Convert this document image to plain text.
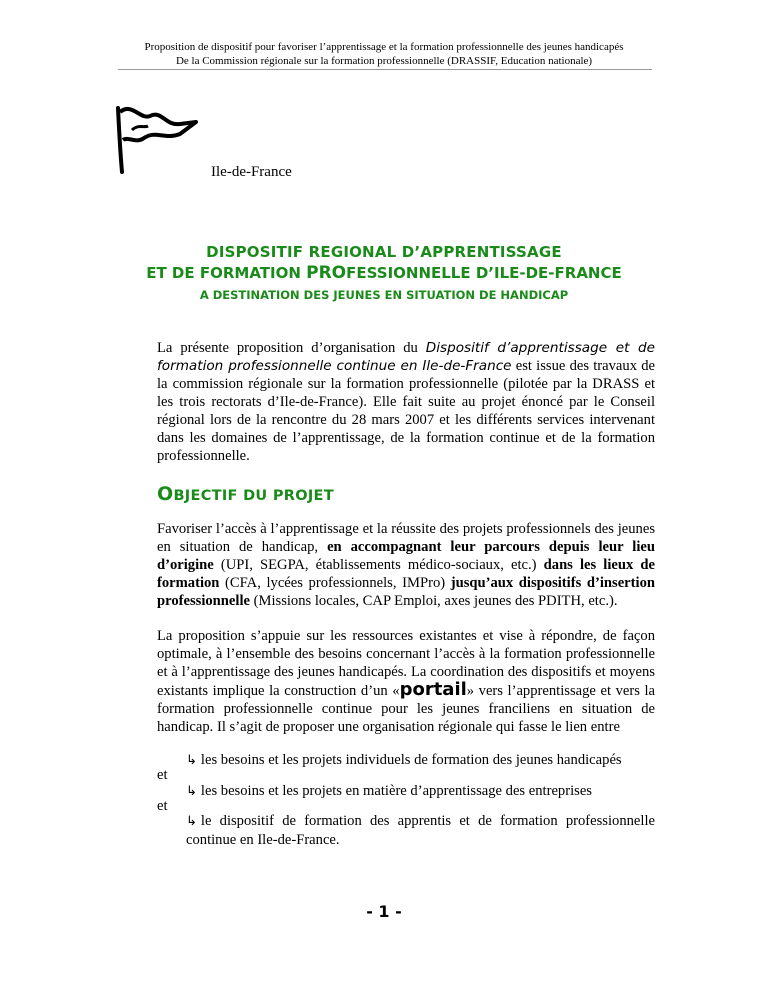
Proposition de dispositif pour favoriser l’apprentissage et la formation professionnelle des jeunes handicapés
De la Commission régionale sur la formation professionnelle (DRASSIF, Education nationale)
Ile-de-France
DISPOSITIF REGIONAL D’APPRENTISSAGE
ET DE FORMATION PROFESSIONNELLE D’ILE-DE-FRANCE
A DESTINATION DES JEUNES EN SITUATION DE HANDICAP
La présente proposition d’organisation du Dispositif d’apprentissage et de formation professionnelle continue en Ile-de-France est issue des travaux de la commission régionale sur la formation professionnelle (pilotée par la DRASS et les trois rectorats d’Ile-de-France). Elle fait suite au projet énoncé par le Conseil régional lors de la rencontre du 28 mars 2007 et les différents services intervenant dans les domaines de l’apprentissage, de la formation continue et de la formation professionnelle.
OBJECTIF DU PROJET
Favoriser l’accès à l’apprentissage et la réussite des projets professionnels des jeunes en situation de handicap, en accompagnant leur parcours depuis leur lieu d’origine (UPI, SEGPA, établissements médico-sociaux, etc.) dans les lieux de formation (CFA, lycées professionnels, IMPro) jusqu’aux dispositifs d’insertion professionnelle (Missions locales, CAP Emploi, axes jeunes des PDITH, etc.).
La proposition s’appuie sur les ressources existantes et vise à répondre, de façon optimale, à l’ensemble des besoins concernant l’accès à la formation professionnelle et à l’apprentissage des jeunes handicapés. La coordination des dispositifs et moyens existants implique la construction d’un «portail» vers l’apprentissage et vers la formation professionnelle continue pour les jeunes franciliens en situation de handicap. Il s’agit de proposer une organisation régionale qui fasse le lien entre
↳ les besoins et les projets individuels de formation des jeunes handicapés
et
↳ les besoins et les projets en matière d’apprentissage des entreprises
et
↳ le dispositif de formation des apprentis et de formation professionnelle continue en Ile-de-France.
- 1 -
